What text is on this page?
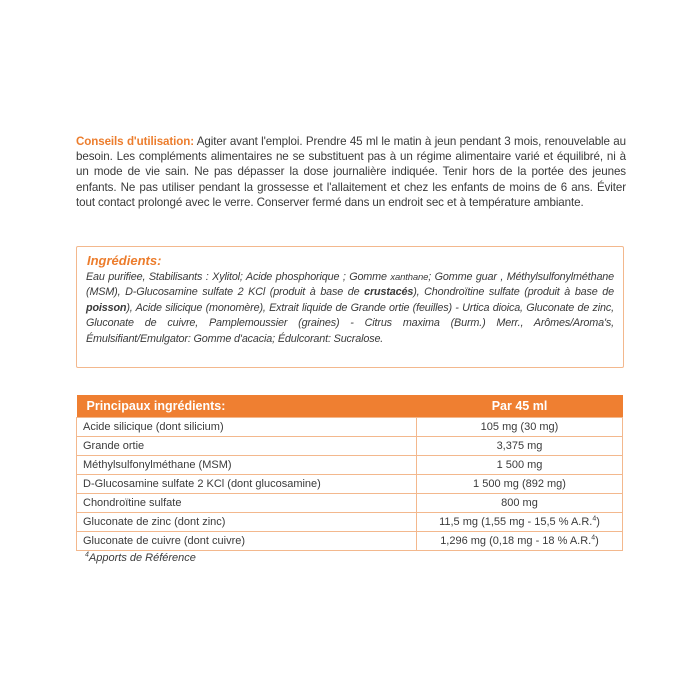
Conseils d'utilisation: Agiter avant l'emploi. Prendre 45 ml le matin à jeun pendant 3 mois, renouvelable au besoin. Les compléments alimentaires ne se substituent pas à un régime alimentaire varié et équilibré, ni à un mode de vie sain. Ne pas dépasser la dose journalière indiquée. Tenir hors de la portée des jeunes enfants. Ne pas utiliser pendant la grossesse et l'allaitement et chez les enfants de moins de 6 ans. Éviter tout contact prolongé avec le verre. Conserver fermé dans un endroit sec et à température ambiante.
Ingrédients:
Eau purifiee, Stabilisants : Xylitol; Acide phosphorique ; Gomme xanthane; Gomme guar , Méthylsulfonylméthane (MSM), D-Glucosamine sulfate 2 KCl (produit à base de crustacés), Chondroïtine sulfate (produit à base de poisson), Acide silicique (monomère), Extrait liquide de Grande ortie (feuilles) - Urtica dioica, Gluconate de zinc, Gluconate de cuivre, Pamplemoussier (graines) - Citrus maxima (Burm.) Merr., Arômes/Aroma's, Émulsifiant/Emulgator: Gomme d'acacia; Édulcorant: Sucralose.
Principaux ingrédients:	Par 45 ml
Acide silicique (dont silicium)	105 mg (30 mg)
Grande ortie	3,375 mg
Méthylsulfonylméthane (MSM)	1 500 mg
D-Glucosamine sulfate 2 KCl (dont glucosamine)	1 500 mg (892 mg)
Chondroïtine sulfate	800 mg
Gluconate de zinc (dont zinc)	11,5 mg (1,55 mg - 15,5 % A.R.$^4$)
Gluconate de cuivre (dont cuivre)	1,296 mg (0,18 mg - 18 % A.R.$^4$)
$^4$Apports de Référence
